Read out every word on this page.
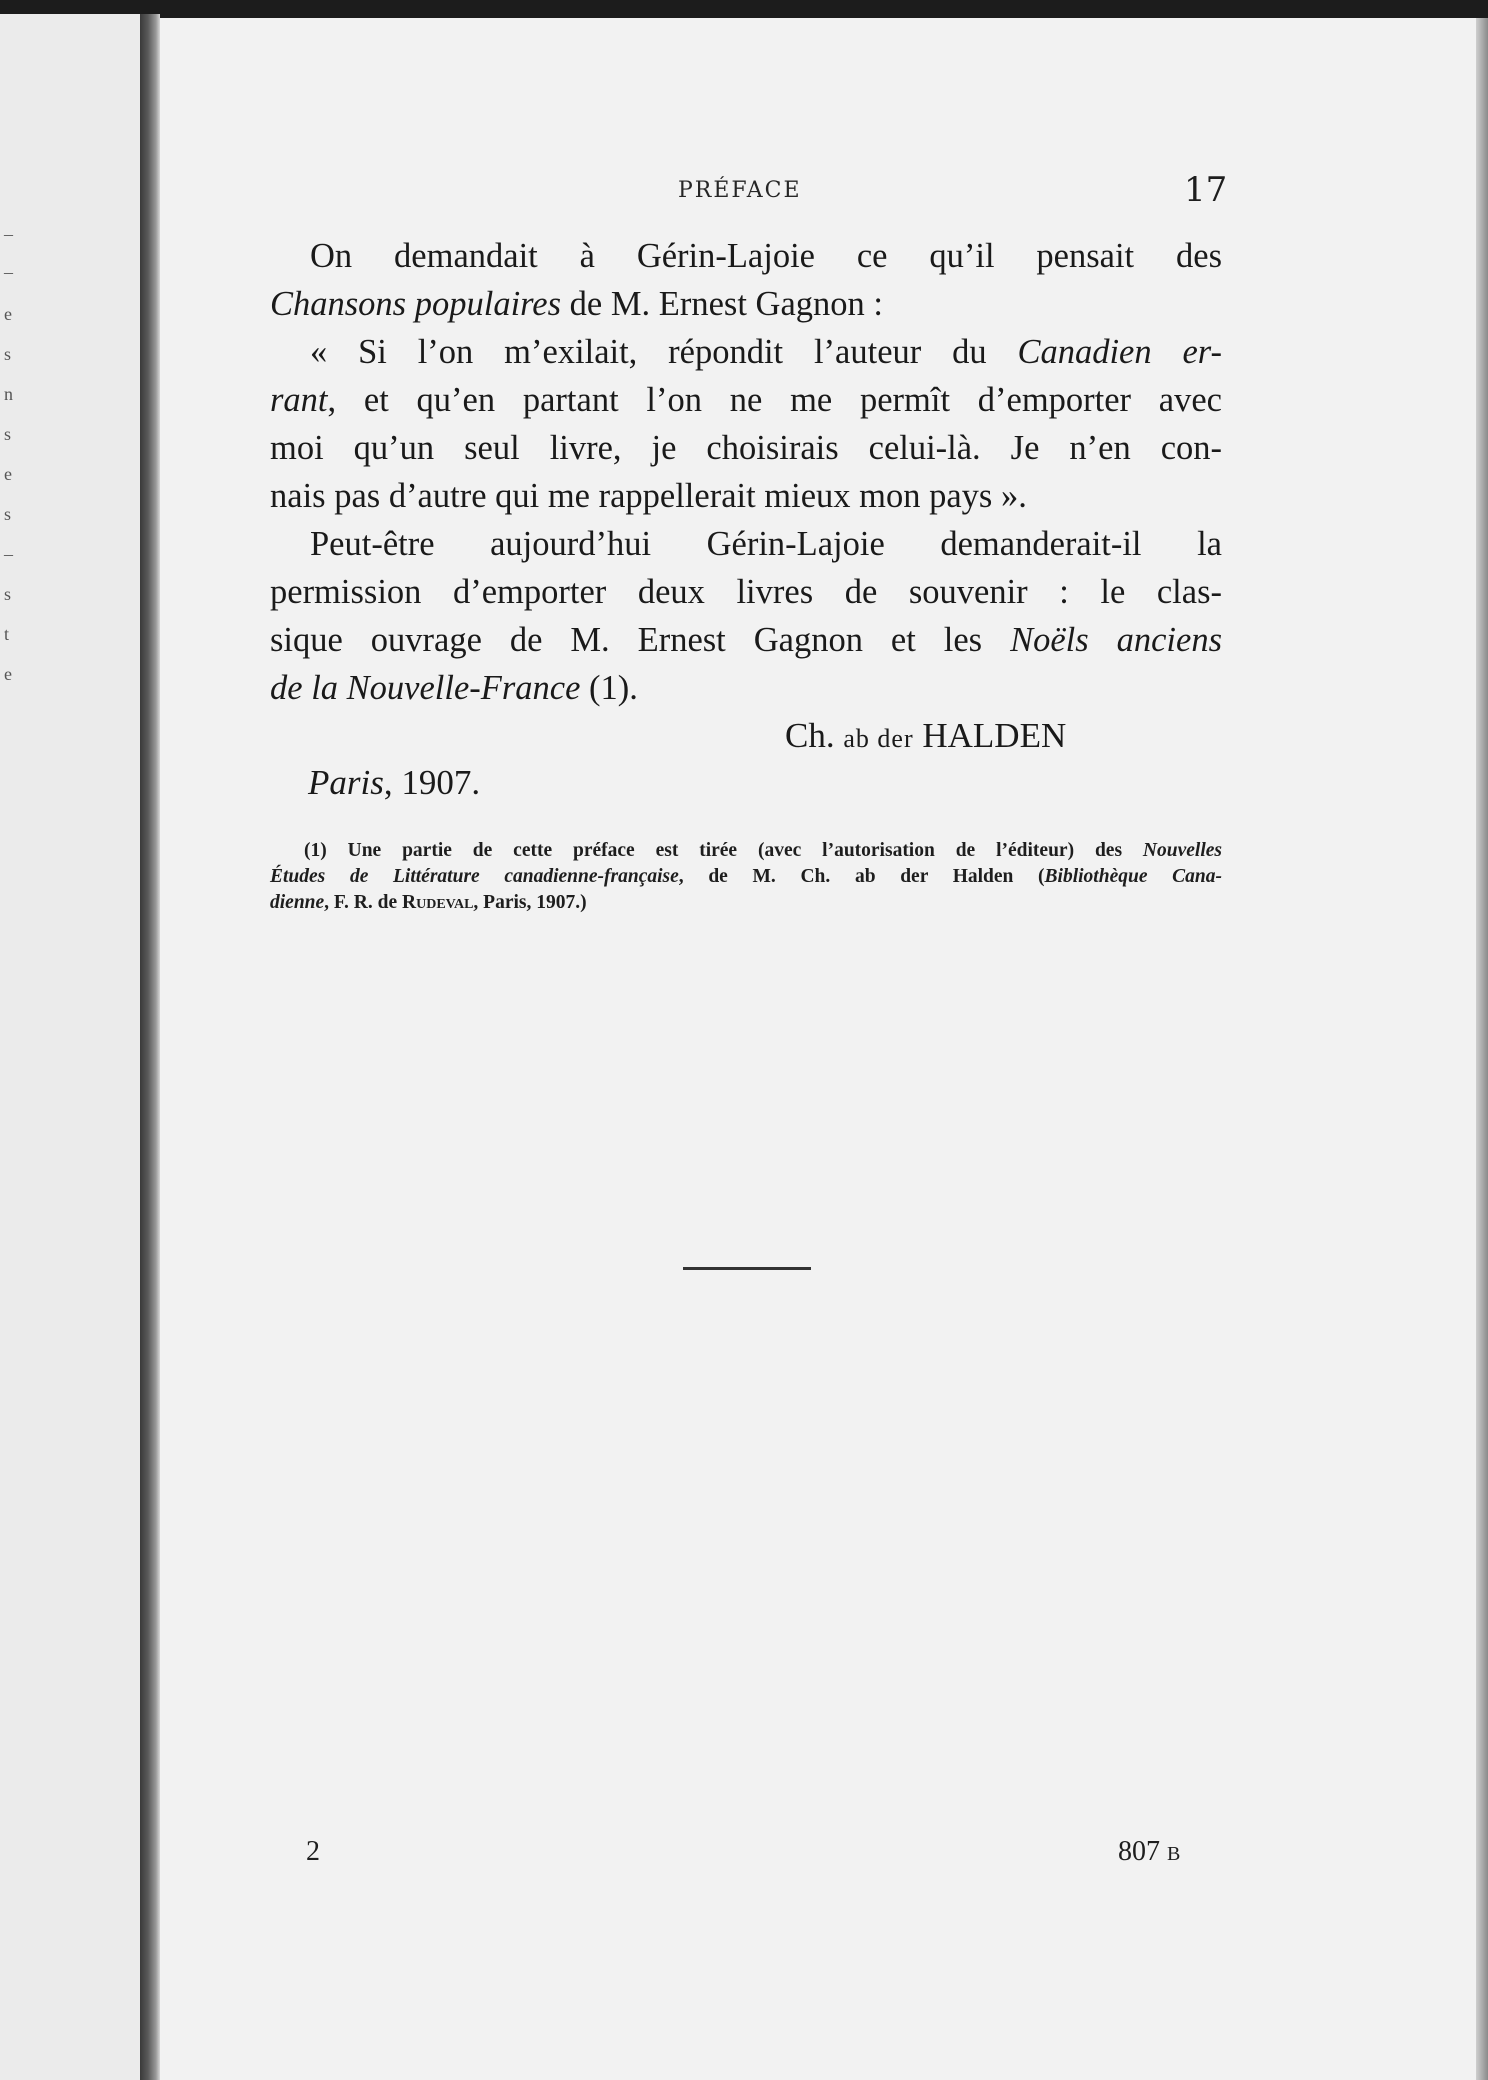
–
–
e
s
n
s
e
s
–
s
t
e
PRÉFACE	17
On demandait à Gérin-Lajoie ce qu’il pensait des
Chansons populaires de M. Ernest Gagnon :
« Si l’on m’exilait, répondit l’auteur du Canadien er-
rant, et qu’en partant l’on ne me permît d’emporter avec
moi qu’un seul livre, je choisirais celui-là. Je n’en con-
nais pas d’autre qui me rappellerait mieux mon pays ».
Peut-être aujourd’hui Gérin-Lajoie demanderait-il la
permission d’emporter deux livres de souvenir : le clas-
sique ouvrage de M. Ernest Gagnon et les Noëls anciens
de la Nouvelle-France (1).
Ch. ab der HALDEN
Paris, 1907.
(1) Une partie de cette préface est tirée (avec l’autorisation de l’éditeur) des Nouvelles
Études de Littérature canadienne-française, de M. Ch. ab der Halden (Bibliothèque Cana-
dienne, F. R. de Rudeval, Paris, 1907.)
2	807 B
